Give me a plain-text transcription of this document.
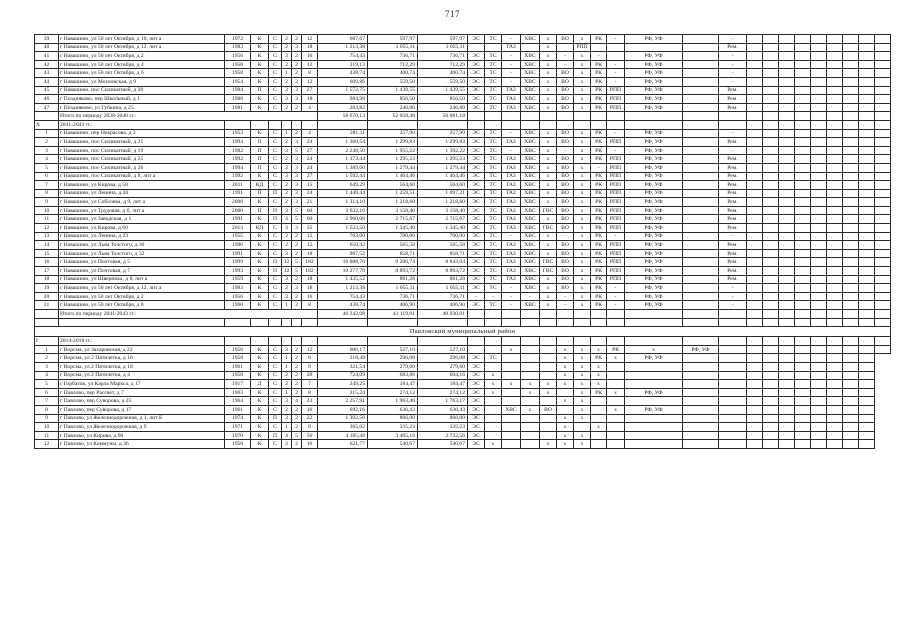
717
39	г Навашино, ул 50 лет Октября, д 10, лит а	1972	К	С	2	2	12	687,67	597,97	597,97	ЭС	ТС	-	ХВС	х	ВО	х	РК	-	РФ, УФ		-									
40	г Навашино, ул 50 лет Октября, д 12, лит а	1983	К	С	2	3	18	1 213,38	1 055,11	1 055,11			ГАЗ		х		РПП					Рем.									
41	г Навашино, ул 50 лет Октября, д 2	1956	К	С	3	2	16	754,43	736,71	736,71	ЭС	ТС	-	ХВС	х	-	х	-		РФ, УФ		-									
42	г Навашино, ул 50 лет Октября, д 4	1958	К	С	2	2	12	319,13	712,29	712,29	ЭС	ТС	-	ХВС	х	-	х	РК	-	РФ, УФ		-									
43	г Навашино, ул 50 лет Октября, д 6	1958	К	С	1	2	8	438,74	400,74	400,74	ЭС	ТС	-	ХВС	х	ВО	х	РК	-	РФ, УФ		-									
44	г Навашино, ул Московская, д 9	1954	К	С	2	2	12	609,86	559,50	559,50	ЭС	ТС	-	ХВС	х	ВО	х	РК	-	РФ, УФ		-									
45	г Навашино, пос Силикатный, д 20	1984	П	С	3	3	27	1 572,75	1 439,55	1 439,55	ЭС	ТС	ГАЗ	ХВС	х	ВО	х	РК	РПП	РФ, УФ		Рем.									
46	г Поздняково, пер Школьный, д 1	1988	К	С	3	3	18	984,98	856,50	856,50	ЭС	ТС	ГАЗ	ХВС	х	ВО	х	РК	РПП	РФ, УФ		Рем.									
47	г Поздняково, ул Губкина, д 25	1981	К	С	2	2	4	283,82	246,80	246,80	ЭС	ТС	ГАЗ	ХВС	х	ВО	х	РК	РПП	РФ, УФ		Рем.									
	Итого по периоду 2038-2040 гг.:							58 670,13	52 058,48	50 081,18																					
Х	2041-2043 гг.:																														
1	г Навашино, пер Некрасова, д 3	1953	К	С	1	2	4	281,11	257,90	257,90	ЭС	ТС	-	ХВС	х	ВО	х	РК	-	РФ, УФ		-									
2	г Навашино, пос Силикатный, д 21	1994	П	С	2	3	24	1 360,54	1 299,83	1 299,83	ЭС	ТС	ГАЗ	ХВС	х	ВО	х	РК	РПП	РФ, УФ		Рем.									
3	г Навашино, пос Силикатный, д 19	1982	П	С	3	5	27	2 248,50	1 955,22	1 392,22	ЭС	ТС	-	ХВС	х	-	х	РК	-	РФ, УФ		-									
4	г Навашино, пос Силикатный, д 25	1992	П	С	2	3	24	1 373,44	1 295,23	1 295,23	ЭС	ТС	ГАЗ	ХВС	х	ВО	х	РК	РПП	РФ, УФ		Рем.									
5	г Навашино, пос Силикатный, д 26	1994	П	С	2	3	24	1 389,00	1 279,44	1 279,44	ЭС	ТС	ГАЗ	ХВС	х	ВО	х	-	РПП	РФ, УФ		Рем.									
6	г Навашино, пос Силикатный, д 8, лит а	1992	К	С	3	3	27	1 592,44	1 464,46	1 464,46	ЭС	ТС	ГАЗ	ХВС	х	ВО	х	РК	РПП	РФ, УФ		Рем.									
7	г Навашино, ул Кирова, д 58	2011	КД	С	2	3	15	649,29	564,60	564,60	ЭС	ТС	ГАЗ	ХВС	х	ВО	х	РК	РПП	РФ, УФ		Рем.									
8	г Навашино, ул Ленина, д 20	1991	П	П	2	3	24	1 448,44	1 259,51	1 097,21	ЭС	ТС	ГАЗ	ХВС	х	ВО	х	РК	РПП	РФ, УФ		Рем.									
9	г Навашино, ул Соболева, д 9, лит а	2008	К	С	2	3	21	1 314,10	1 218,60	1 218,60	ЭС	ТС	ГАЗ	ХВС	х	ВО	х	РК	РПП	РФ, УФ		Рем.									
10	г Навашино, ул Трудовая, д 6, лит а	2000	П	П	3	5	60	3 632,16	3 158,40	3 158,40	ЭС	ТС	ГАЗ	ХВС	ГВС	ВО	х	РК	РПП	РФ, УФ		Рем.									
11	г Навашино, ул Заводская, д 1	1991	К	П	4	5	60	2 960,08	2 715,67	2 715,67	ЭС	ТС	ГАЗ	ХВС	х	ВО	х	РК	РПП	РФ, УФ		Рем.									
12	г Навашино, ул Кирова, д 60	2013	КД	С	3	3	35	1 533,50	1 345,40	1 345,40	ЭС	ТС	ГАЗ	ХВС	ГВС	ВО	х	РК	РПП	РФ, УФ		Рем.									
13	г Навашино, ул Ленина, д 23	1955	К	С	2	2	12	763,00	700,00	700,00	ЭС	ТС	-	ХВС	х	-	х	РК	-	РФ, УФ		-									
14	г Навашино, ул Льва Толстого, д 30	1996	К	С	2	2	12	650,42	565,58	565,58	ЭС	ТС	ГАЗ	ХВС	х	ВО	х	РК	РПП	РФ, УФ		Рем.									
15	г Навашино, ул Льва Толстого, д 32	1991	К	С	3	2	18	987,52	858,71	858,71	ЭС	ТС	ГАЗ	ХВС	х	ВО	х	РК	РПП	РФ, УФ		Рем.									
16	г Навашино, ул Почтовая, д 5	1999	К	П	12	5	182	10 088,70	9 206,74	8 843,04	ЭС	ТС	ГАЗ	ХВС	ГВС	ВО	х	РК	РПП	РФ, УФ		Рем.									
17	г Навашино, ул Почтовая, д 7	1993	К	П	12	5	182	10 277,78	8 893,72	8 893,72	ЭС	ТС	ГАЗ	ХВС	ГВС	ВО	х	РК	РПП	РФ, УФ		Рем.									
18	г Навашино, ул Шверника, д 8, лит а	1959	К	С	3	2	18	1 435,52	881,28	881,28	ЭС	ТС	ГАЗ	ХВС	х	ВО	х	РК	РПП	РФ, УФ		Рем.									
19	г Навашино, ул 50 лет Октября, д 12, лит а	1983	К	С	2	3	18	1 213,38	1 055,11	1 055,11	ЭС	ТС	-	ХВС	х	ВО	х	РК	-	РФ, УФ		-									
20	г Навашино, ул 50 лет Октября, д 2	1956	К	С	3	2	16	754,43	736,71	736,71	-	-	-	-	х	-	х	РК	-	РФ, УФ		-									
21	г Навашино, ул 50 лет Октября, д 8	1960	К	С	1	2	8	438,74	406,90	406,90	ЭС	ТС	-	ХВС	х	-	х	РК	-	РФ, УФ		-									
	Итого по периоду 2041-2043 гг.:							46 342,08	41 119,01	40 030,01																					

Павловский муниципальный район																															
I	2014-2016 гг.:																														
1	г Ворсма, ул Захаровская, д 22	1956	К	С	3	2	12	606,17	527,10	527,10			х			х	х	х	РК	х	РФ, УФ										
2	г Ворсма, ул 2 Пятилетка, д 16	1958	К	С	1	2	8	318,48	296,08	296,08	ЭС	ТС				х	х	РК	х	РФ, УФ											
3	г Ворсма, ул 2 Пятилетка, д 18	1961	К	С	1	2	8	321,54	279,60	279,60	ЭС					х	х	х													
4	г Ворсма, ул 2 Пятилетка, д 4	1958	К	С	2	2	20	724,09	683,86	604,16	ЭС	х				х	х	х													
5	г Горбатов, ул Карла Маркса, д 17	1917	Д	С	2	2	7	249,25	184,47	184,47	ЭС	х	х	х	х	х	х	х													
6	г Павлово, пер Рассвет, д 7	1963	К	С	1	2	8	315,24	274,12	274,12	ЭС	х		х	х		х	РК	х	РФ, УФ											
7	г Павлово, пер Суворова, д 25	1964	К	С	3	4	43	2 257,91	1 963,40	1 763,17	ЭС					х	х														
8	г Павлово, пер Суворова, д 17	1961	К	С	2	2	16	692,16	636,43	636,43	ЭС		ХВС	х	ВО		х		х	РФ, УФ											
9	г Павлово, ул Железнодорожная, д 1, лит Б	1974	К	П	3	2	22	1 392,56	866,00	866,00	ЭС					х	х														
10	г Павлово, ул Железнодорожная, д 9	1971	К	С	1	2	8	365,02	335,23	335,23	ЭС					х		х													
11	г Павлово, ул Кирова, д 90	1970	К	П	4	5	56	4 185,48	3 405,16	2 732,56	ЭС					х	х														
12	г Павлово, ул Коммуны, д 36	1958	К	С	2	2	16	621,77	540,67	540,67	ЭС	х			х	х	х														
